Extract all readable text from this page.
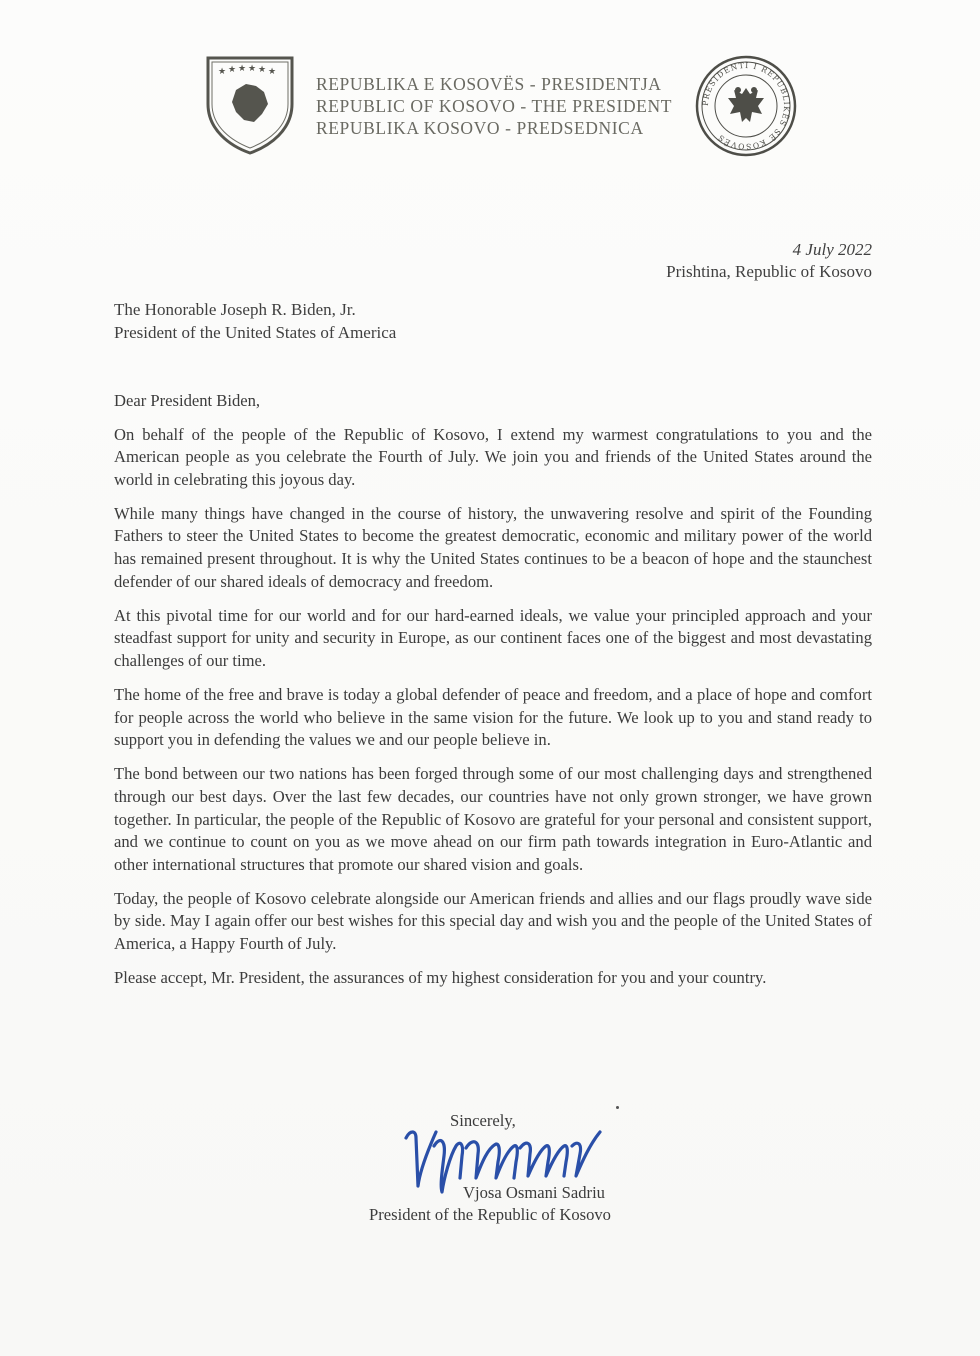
★ ★ ★ ★ ★ ★
REPUBLIKA E KOSOVËS - PRESIDENTJA
REPUBLIC OF KOSOVO - THE PRESIDENT
REPUBLIKA KOSOVO - PREDSEDNICA
PRESIDENTI I REPUBLIKËS SË KOSOVËS
4 July 2022
Prishtina, Republic of Kosovo
The Honorable Joseph R. Biden, Jr.
President of the United States of America

Dear President Biden,

On behalf of the people of the Republic of Kosovo, I extend my warmest congratulations to you and the American people as you celebrate the Fourth of July. We join you and friends of the United States around the world in celebrating this joyous day.

While many things have changed in the course of history, the unwavering resolve and spirit of the Founding Fathers to steer the United States to become the greatest democratic, economic and military power of the world has remained present throughout. It is why the United States continues to be a beacon of hope and the staunchest defender of our shared ideals of democracy and freedom.

At this pivotal time for our world and for our hard-earned ideals, we value your principled approach and your steadfast support for unity and security in Europe, as our continent faces one of the biggest and most devastating challenges of our time.

The home of the free and brave is today a global defender of peace and freedom, and a place of hope and comfort for people across the world who believe in the same vision for the future. We look up to you and stand ready to support you in defending the values we and our people believe in.

The bond between our two nations has been forged through some of our most challenging days and strengthened through our best days. Over the last few decades, our countries have not only grown stronger, we have grown together. In particular, the people of the Republic of Kosovo are grateful for your personal and consistent support, and we continue to count on you as we move ahead on our firm path towards integration in Euro-Atlantic and other international structures that promote our shared vision and goals.

Today, the people of Kosovo celebrate alongside our American friends and allies and our flags proudly wave side by side. May I again offer our best wishes for this special day and wish you and the people of the United States of America, a Happy Fourth of July.

Please accept, Mr. President, the assurances of my highest consideration for you and your country.

Sincerely,
Vjosa Osmani Sadriu
President of the Republic of Kosovo
